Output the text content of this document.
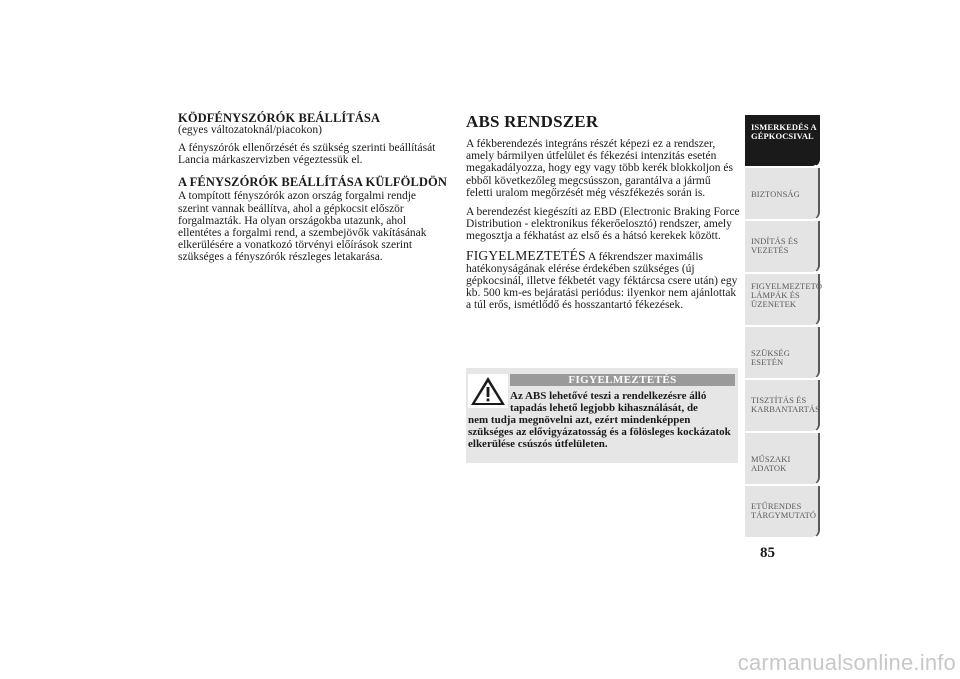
KÖDFÉNYSZÓRÓK BEÁLLÍTÁSA
(egyes változatoknál/piacokon)

A fényszórók ellenőrzését és szükség szerinti beállítását Lancia márkaszervizben végeztessük el.

A FÉNYSZÓRÓK BEÁLLÍTÁSA KÜLFÖLDÖN

A tompított fényszórók azon ország forgalmi rendje szerint vannak beállítva, ahol a gépkocsit először forgalmazták. Ha olyan országokba utazunk, ahol ellentétes a forgalmi rend, a szembejövők vakításának elkerülésére a vonatkozó törvényi előírások szerint szükséges a fényszórók részleges letakarása.

ABS RENDSZER

A fékberendezés integráns részét képezi ez a rendszer, amely bármilyen útfelület és fékezési intenzitás esetén megakadályozza, hogy egy vagy több kerék blokkoljon és ebből következőleg megcsússzon, garantálva a jármű feletti uralom megőrzését még vészfékezés során is.

A berendezést kiegészíti az EBD (Electronic Braking Force Distribution - elektronikus fékerőelosztó) rendszer, amely megosztja a fékhatást az első és a hátsó kerekek között.

FIGYELMEZTETÉS A fékrendszer maximális hatékonyságának elérése érdekében szükséges (új gépkocsinál, illetve fékbetét vagy féktárcsa csere után) egy kb. 500 km-es bejáratási periódus: ilyenkor nem ajánlottak a túl erős, ismétlődő és hosszantartó fékezések.

FIGYELMEZTETÉS
Az ABS lehetővé teszi a rendelkezésre álló tapadás lehető legjobb kihasználását, de
nem tudja megnövelni azt, ezért mindenképpen szükséges az elővigyázatosság és a fölösleges kockázatok elkerülése csúszós útfelületen.
ISMERKEDÉS A GÉPKOCSIVAL
BIZTONSÁG
INDÍTÁS ÉS VEZETÉS
FIGYELMEZTETŐ LÁMPÁK ÉS ÜZENETEK
SZÜKSÉG ESETÉN
TISZTÍTÁS ÉS KARBANTARTÁS
MŰSZAKI ADATOK
ETŰRENDES TÁRGYMUTATÓ
85
carmanualsonline.info
